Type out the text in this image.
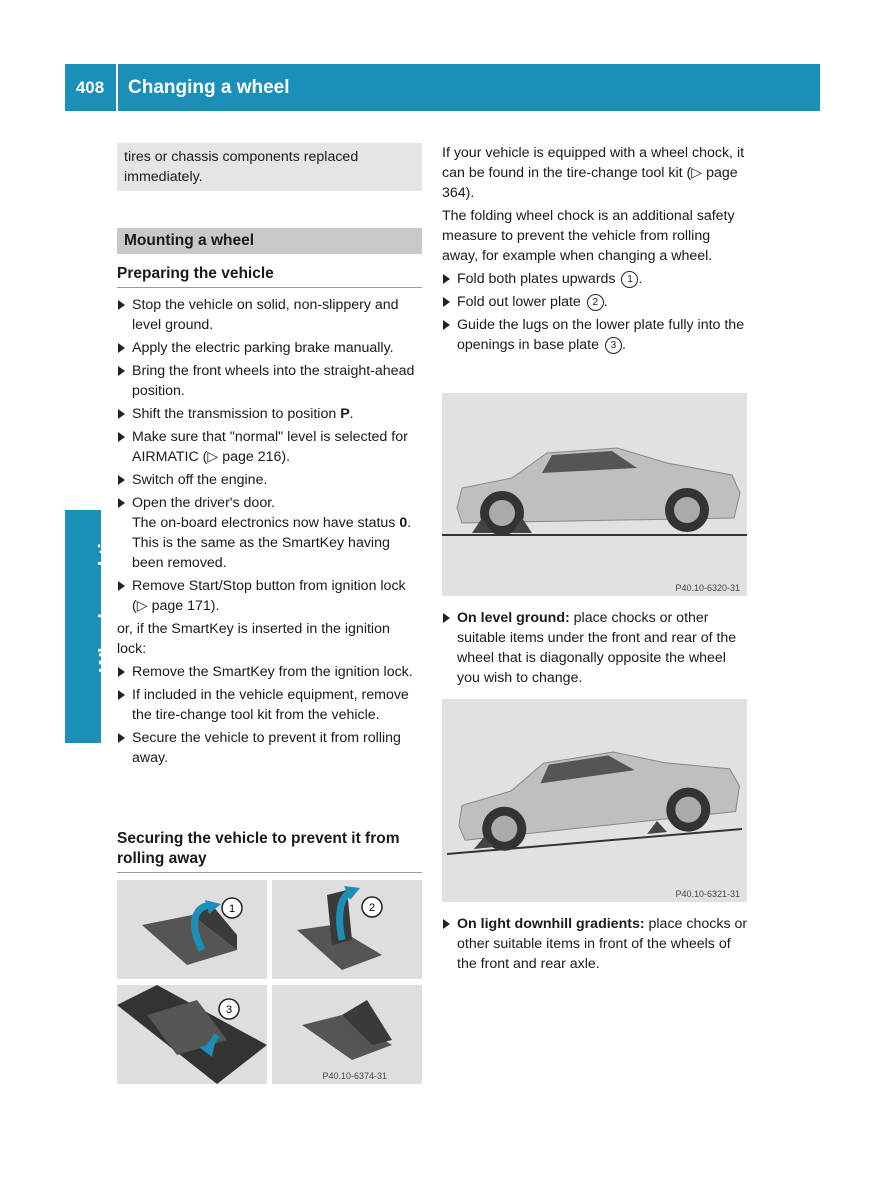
408	Changing a wheel
Wheels and tires
tires or chassis components replaced immediately.
Mounting a wheel
Preparing the vehicle
Stop the vehicle on solid, non-slippery and level ground.
Apply the electric parking brake manually.
Bring the front wheels into the straight-ahead position.
Shift the transmission to position P.
Make sure that "normal" level is selected for AIRMATIC (▷ page 216).
Switch off the engine.
Open the driver's door.
The on-board electronics now have status 0. This is the same as the SmartKey having been removed.
Remove Start/Stop button from ignition lock (▷ page 171).

or, if the SmartKey is inserted in the ignition lock:

Remove the SmartKey from the ignition lock.
If included in the vehicle equipment, remove the tire-change tool kit from the vehicle.
Secure the vehicle to prevent it from rolling away.
Securing the vehicle to prevent it from rolling away
1	2
3
P40.10-6374-31

If your vehicle is equipped with a wheel chock, it can be found in the tire-change tool kit (▷ page 364).

The folding wheel chock is an additional safety measure to prevent the vehicle from rolling away, for example when changing a wheel.

Fold both plates upwards 1 .
Fold out lower plate 2 .
Guide the lugs on the lower plate fully into the openings in base plate 3 .
P40.10-6320-31
On level ground: place chocks or other suitable items under the front and rear of the wheel that is diagonally opposite the wheel you wish to change.
P40.10-6321-31
On light downhill gradients: place chocks or other suitable items in front of the wheels of the front and rear axle.
